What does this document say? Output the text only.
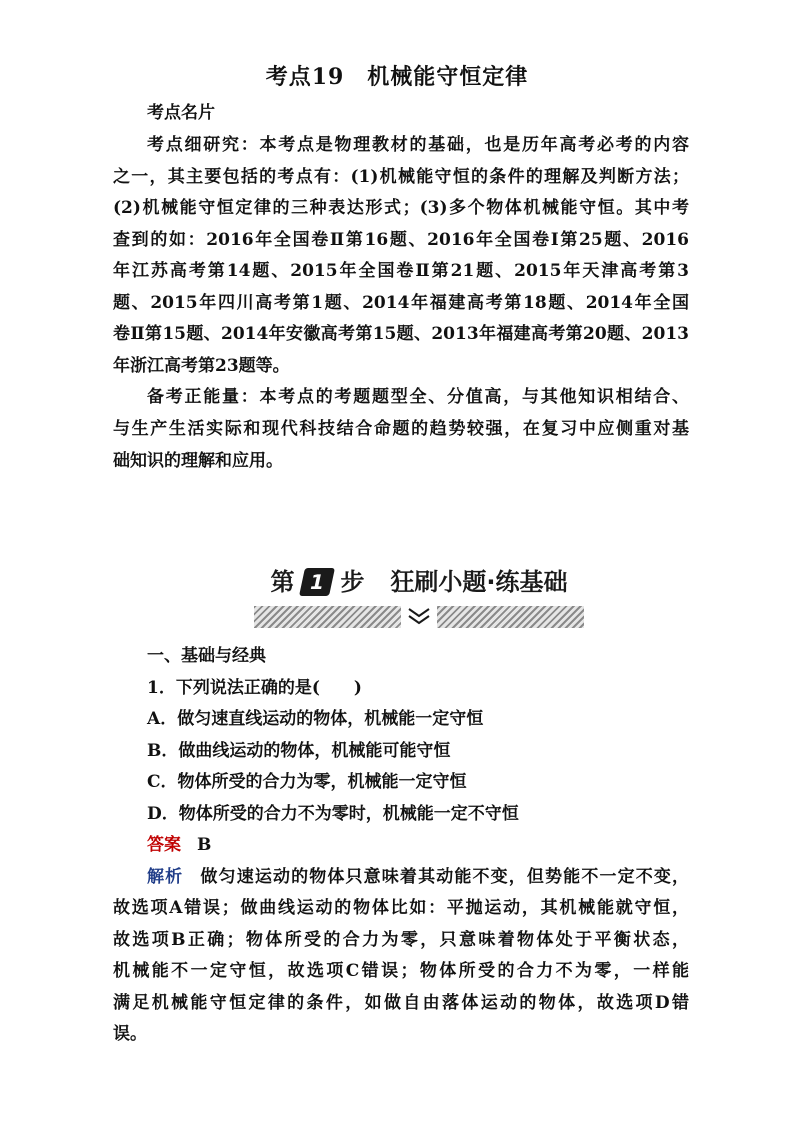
考点19　机械能守恒定律
考点名片
考点细研究：本考点是物理教材的基础，也是历年高考必考的内容
之一，其主要包括的考点有：(1)机械能守恒的条件的理解及判断方法；
(2)机械能守恒定律的三种表达形式；(3)多个物体机械能守恒。其中考
查到的如：2016年全国卷Ⅱ第16题、2016年全国卷Ⅰ第25题、2016
年江苏高考第14题、2015年全国卷Ⅱ第21题、2015年天津高考第3
题、2015年四川高考第1题、2014年福建高考第18题、2014年全国
卷Ⅱ第15题、2014年安徽高考第15题、2013年福建高考第20题、2013
年浙江高考第23题等。
备考正能量：本考点的考题题型全、分值高，与其他知识相结合、
与生产生活实际和现代科技结合命题的趋势较强，在复习中应侧重对基
础知识的理解和应用。
第 1 步 狂刷小题·练基础
一、基础与经典
1．下列说法正确的是(　　)
A．做匀速直线运动的物体，机械能一定守恒
B．做曲线运动的物体，机械能可能守恒
C．物体所受的合力为零，机械能一定守恒
D．物体所受的合力不为零时，机械能一定不守恒
答案 B
解析 做匀速运动的物体只意味着其动能不变，但势能不一定不变，
故选项A错误；做曲线运动的物体比如：平抛运动，其机械能就守恒，
故选项B正确；物体所受的合力为零，只意味着物体处于平衡状态，
机械能不一定守恒，故选项C错误；物体所受的合力不为零，一样能
满足机械能守恒定律的条件，如做自由落体运动的物体，故选项D错
误。
